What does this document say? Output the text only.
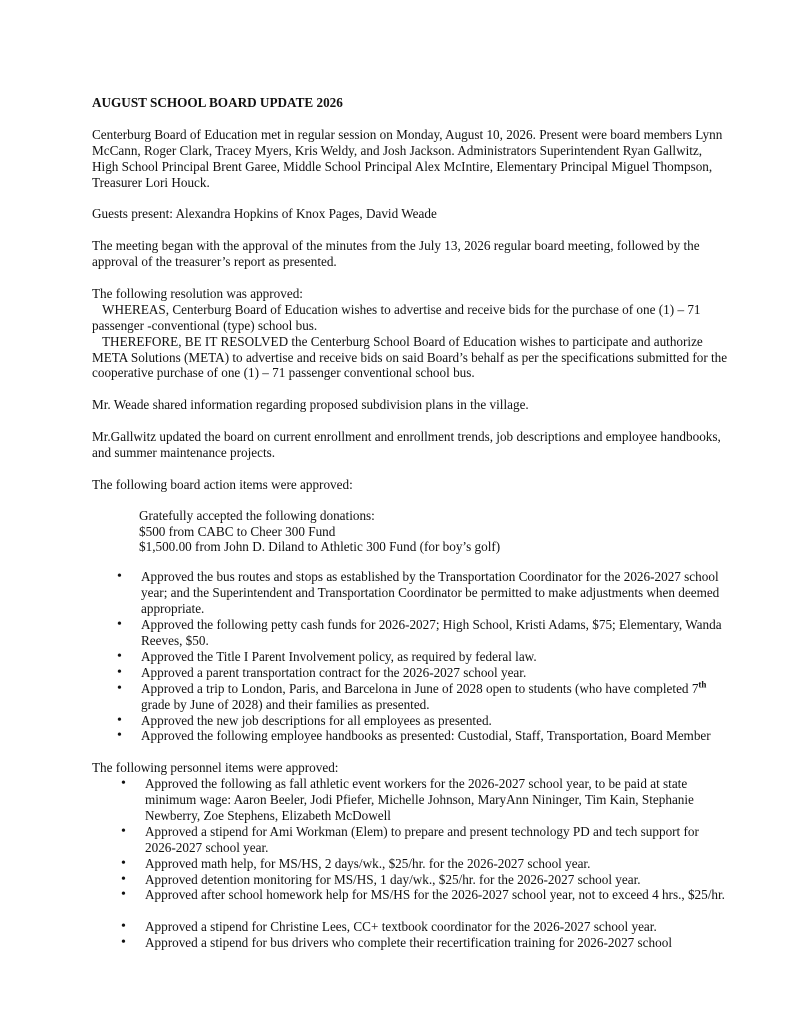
AUGUST SCHOOL BOARD UPDATE 2026

Centerburg Board of Education met in regular session on Monday, August 10, 2026. Present were board members Lynn McCann, Roger Clark, Tracey Myers, Kris Weldy, and Josh Jackson. Administrators Superintendent Ryan Gallwitz, High School Principal Brent Garee, Middle School Principal Alex McIntire, Elementary Principal Miguel Thompson, Treasurer Lori Houck.

Guests present: Alexandra Hopkins of Knox Pages, David Weade

The meeting began with the approval of the minutes from the July 13, 2026 regular board meeting, followed by the approval of the treasurer’s report as presented.

The following resolution was approved:

WHEREAS, Centerburg Board of Education wishes to advertise and receive bids for the purchase of one (1) – 71 passenger -conventional (type) school bus.

THEREFORE, BE IT RESOLVED the Centerburg School Board of Education wishes to participate and authorize META Solutions (META) to advertise and receive bids on said Board’s behalf as per the specifications submitted for the cooperative purchase of one (1) – 71 passenger conventional school bus.

Mr. Weade shared information regarding proposed subdivision plans in the village.

Mr.Gallwitz updated the board on current enrollment and enrollment trends, job descriptions and employee handbooks, and summer maintenance projects.

The following board action items were approved:

Gratefully accepted the following donations:

$500 from CABC to Cheer 300 Fund

$1,500.00 from John D. Diland to Athletic 300 Fund (for boy’s golf)

• Approved the bus routes and stops as established by the Transportation Coordinator for the 2026-2027 school year; and the Superintendent and Transportation Coordinator be permitted to make adjustments when deemed appropriate.
• Approved the following petty cash funds for 2026-2027; High School, Kristi Adams, $75; Elementary, Wanda Reeves, $50.
• Approved the Title I Parent Involvement policy, as required by federal law.
• Approved a parent transportation contract for the 2026-2027 school year.
• Approved a trip to London, Paris, and Barcelona in June of 2028 open to students (who have completed 7th grade by June of 2028) and their families as presented.
• Approved the new job descriptions for all employees as presented.
• Approved the following employee handbooks as presented: Custodial, Staff, Transportation, Board Member

The following personnel items were approved:

• Approved the following as fall athletic event workers for the 2026-2027 school year, to be paid at state minimum wage: Aaron Beeler, Jodi Pfiefer, Michelle Johnson, MaryAnn Nininger, Tim Kain, Stephanie Newberry, Zoe Stephens, Elizabeth McDowell
• Approved a stipend for Ami Workman (Elem) to prepare and present technology PD and tech support for 2026-2027 school year.
• Approved math help, for MS/HS, 2 days/wk., $25/hr. for the 2026-2027 school year.
• Approved detention monitoring for MS/HS, 1 day/wk., $25/hr. for the 2026-2027 school year.
• Approved after school homework help for MS/HS for the 2026-2027 school year, not to exceed 4 hrs., $25/hr.
• Approved a stipend for Christine Lees, CC+ textbook coordinator for the 2026-2027 school year.
• Approved a stipend for bus drivers who complete their recertification training for 2026-2027 school
